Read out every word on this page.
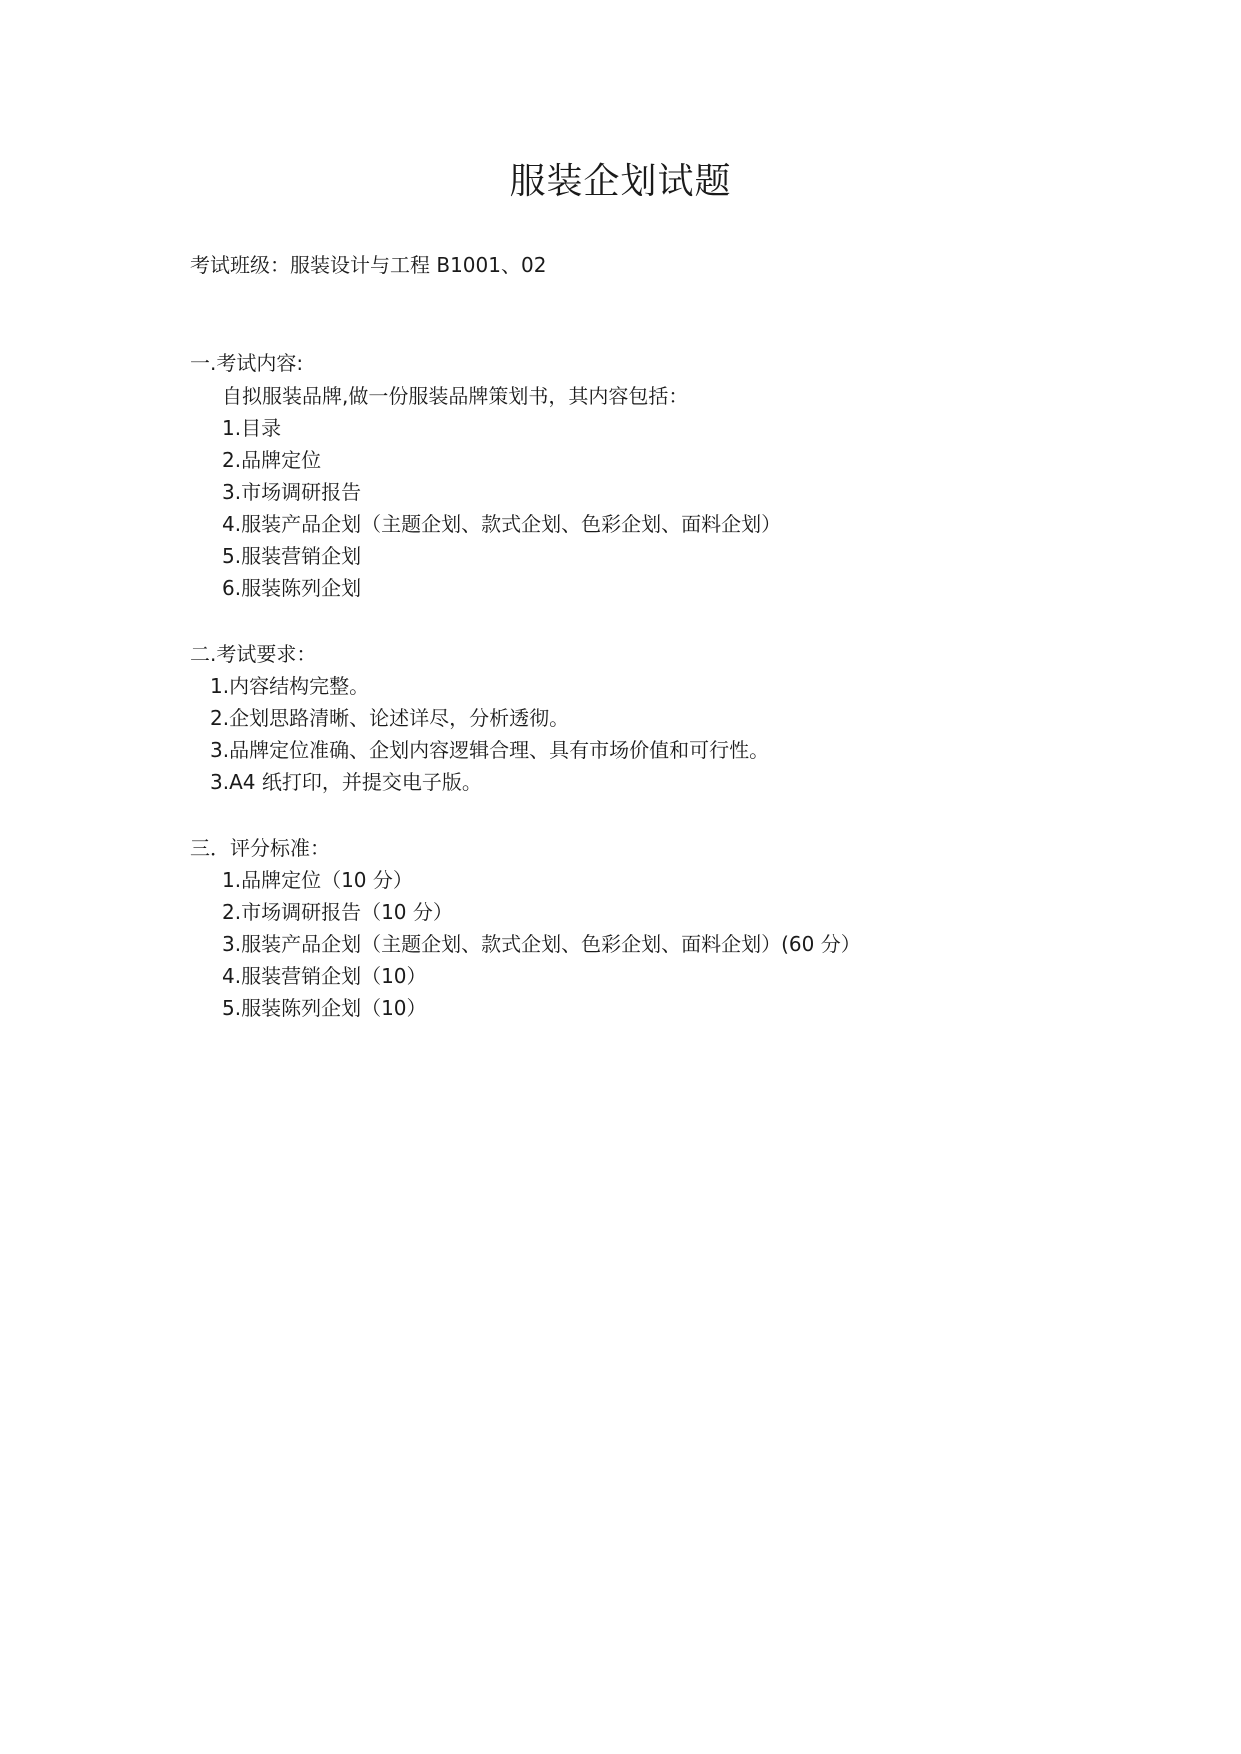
服装企划试题
考试班级：服装设计与工程 B1001、02
一.考试内容:
自拟服装品牌,做一份服装品牌策划书，其内容包括：
1.目录
2.品牌定位
3.市场调研报告
4.服装产品企划（主题企划、款式企划、色彩企划、面料企划）
5.服装营销企划
6.服装陈列企划
二.考试要求：
1.内容结构完整。
2.企划思路清晰、论述详尽，分析透彻。
3.品牌定位准确、企划内容逻辑合理、具有市场价值和可行性。
3.A4 纸打印，并提交电子版。
三．评分标准：
1.品牌定位（10 分）
2.市场调研报告（10 分）
3.服装产品企划（主题企划、款式企划、色彩企划、面料企划）(60 分）
4.服装营销企划（10）
5.服装陈列企划（10）
